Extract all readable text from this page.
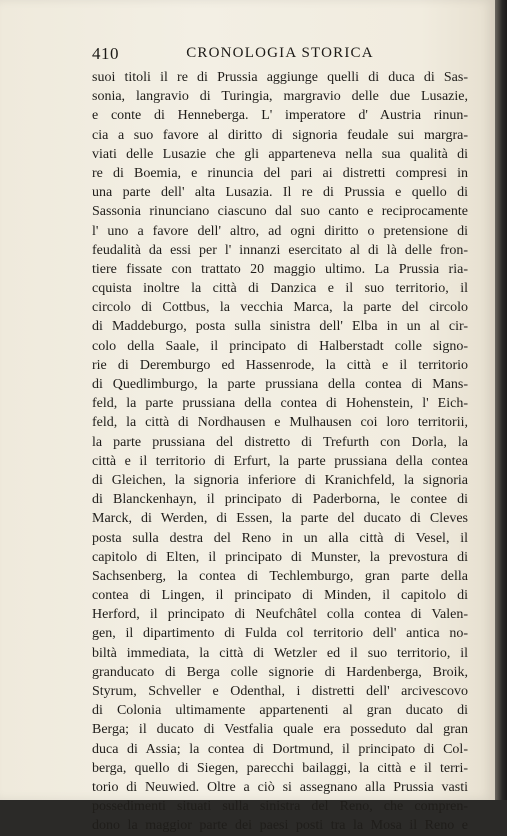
410	CRONOLOGIA STORICA
suoi titoli il re di Prussia aggiunge quelli di duca di Sas-
sonia, langravio di Turingia, margravio delle due Lusazie,
e conte di Henneberga. L' imperatore d' Austria rinun-
cia a suo favore al diritto di signoria feudale sui margra-
viati delle Lusazie che gli apparteneva nella sua qualità di
re di Boemia, e rinuncia del pari ai distretti compresi in
una parte dell' alta Lusazia. Il re di Prussia e quello di
Sassonia rinunciano ciascuno dal suo canto e reciprocamente
l' uno a favore dell' altro, ad ogni diritto o pretensione di
feudalità da essi per l' innanzi esercitato al di là delle fron-
tiere fissate con trattato 20 maggio ultimo. La Prussia ria-
cquista inoltre la città di Danzica e il suo territorio, il
circolo di Cottbus, la vecchia Marca, la parte del circolo
di Maddeburgo, posta sulla sinistra dell' Elba in un al cir-
colo della Saale, il principato di Halberstadt colle signo-
rie di Deremburgo ed Hassenrode, la città e il territorio
di Quedlimburgo, la parte prussiana della contea di Mans-
feld, la parte prussiana della contea di Hohenstein, l' Eich-
feld, la città di Nordhausen e Mulhausen coi loro territorii,
la parte prussiana del distretto di Trefurth con Dorla, la
città e il territorio di Erfurt, la parte prussiana della contea
di Gleichen, la signoria inferiore di Kranichfeld, la signoria
di Blanckenhayn, il principato di Paderborna, le contee di
Marck, di Werden, di Essen, la parte del ducato di Cleves
posta sulla destra del Reno in un alla città di Vesel, il
capitolo di Elten, il principato di Munster, la prevostura di
Sachsenberg, la contea di Techlemburgo, gran parte della
contea di Lingen, il principato di Minden, il capitolo di
Herford, il principato di Neufchâtel colla contea di Valen-
gen, il dipartimento di Fulda col territorio dell' antica no-
biltà immediata, la città di Wetzler ed il suo territorio, il
granducato di Berga colle signorie di Hardenberga, Broik,
Styrum, Schveller e Odenthal, i distretti dell' arcivescovo
di Colonia ultimamente appartenenti al gran ducato di
Berga; il ducato di Vestfalia quale era posseduto dal gran
duca di Assia; la contea di Dortmund, il principato di Col-
berga, quello di Siegen, parecchi bailaggi, la città e il terri-
torio di Neuwied. Oltre a ciò si assegnano alla Prussia vasti
possedimenti situati sulla sinistra del Reno, che compren-
dono la maggior parte dei paesi posti tra la Mosa il Reno e
